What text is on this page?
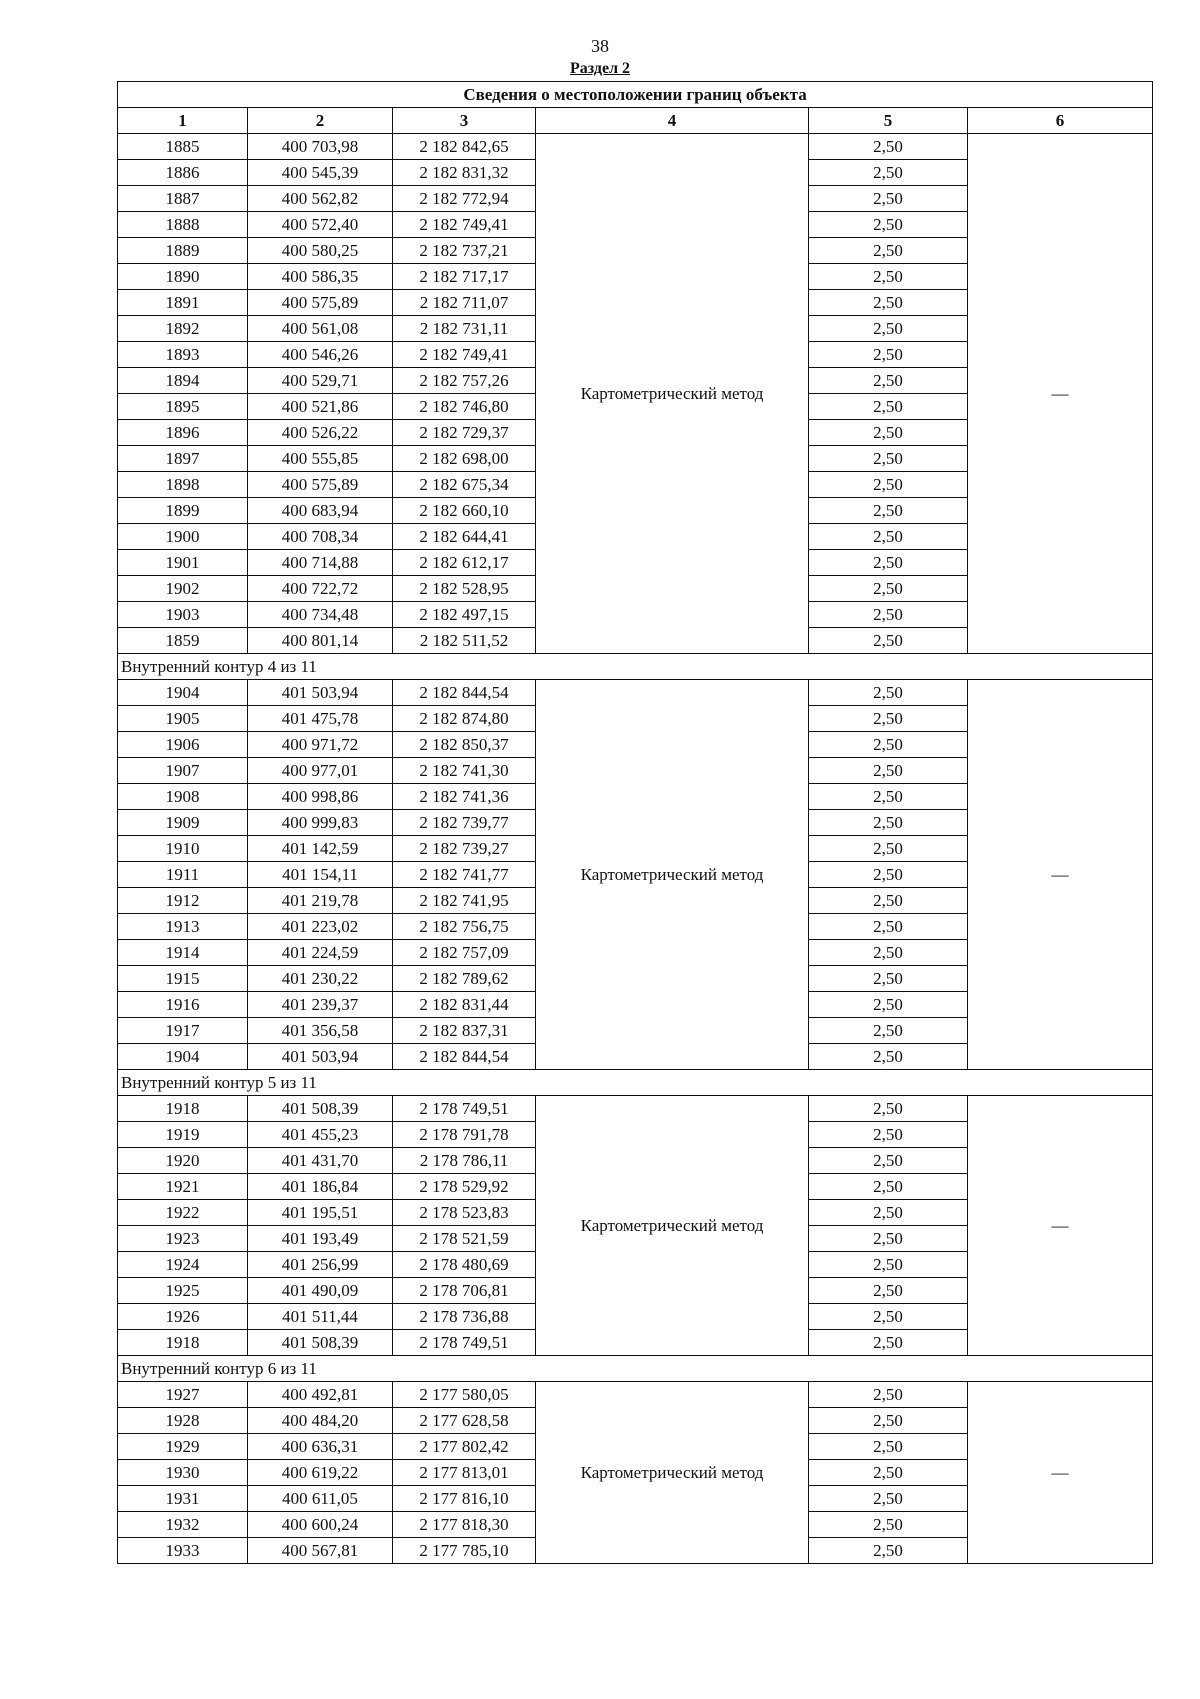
38
Раздел 2
Сведения о местоположении границ объекта					
1	2	3	4	5	6
1885	400 703,98	2 182 842,65	Картометрический метод	2,50	—
1886	400 545,39	2 182 831,32		2,50	
1887	400 562,82	2 182 772,94		2,50	
1888	400 572,40	2 182 749,41		2,50	
1889	400 580,25	2 182 737,21		2,50	
1890	400 586,35	2 182 717,17		2,50	
1891	400 575,89	2 182 711,07		2,50	
1892	400 561,08	2 182 731,11		2,50	
1893	400 546,26	2 182 749,41		2,50	
1894	400 529,71	2 182 757,26		2,50	
1895	400 521,86	2 182 746,80		2,50	
1896	400 526,22	2 182 729,37		2,50	
1897	400 555,85	2 182 698,00		2,50	
1898	400 575,89	2 182 675,34		2,50	
1899	400 683,94	2 182 660,10		2,50	
1900	400 708,34	2 182 644,41		2,50	
1901	400 714,88	2 182 612,17		2,50	
1902	400 722,72	2 182 528,95		2,50	
1903	400 734,48	2 182 497,15		2,50	
1859	400 801,14	2 182 511,52		2,50	
Внутренний контур 4 из 11					
1904	401 503,94	2 182 844,54	Картометрический метод	2,50	—
1905	401 475,78	2 182 874,80		2,50	
1906	400 971,72	2 182 850,37		2,50	
1907	400 977,01	2 182 741,30		2,50	
1908	400 998,86	2 182 741,36		2,50	
1909	400 999,83	2 182 739,77		2,50	
1910	401 142,59	2 182 739,27		2,50	
1911	401 154,11	2 182 741,77		2,50	
1912	401 219,78	2 182 741,95		2,50	
1913	401 223,02	2 182 756,75		2,50	
1914	401 224,59	2 182 757,09		2,50	
1915	401 230,22	2 182 789,62		2,50	
1916	401 239,37	2 182 831,44		2,50	
1917	401 356,58	2 182 837,31		2,50	
1904	401 503,94	2 182 844,54		2,50	
Внутренний контур 5 из 11					
1918	401 508,39	2 178 749,51	Картометрический метод	2,50	—
1919	401 455,23	2 178 791,78		2,50	
1920	401 431,70	2 178 786,11		2,50	
1921	401 186,84	2 178 529,92		2,50	
1922	401 195,51	2 178 523,83		2,50	
1923	401 193,49	2 178 521,59		2,50	
1924	401 256,99	2 178 480,69		2,50	
1925	401 490,09	2 178 706,81		2,50	
1926	401 511,44	2 178 736,88		2,50	
1918	401 508,39	2 178 749,51		2,50	
Внутренний контур 6 из 11					
1927	400 492,81	2 177 580,05	Картометрический метод	2,50	—
1928	400 484,20	2 177 628,58		2,50	
1929	400 636,31	2 177 802,42		2,50	
1930	400 619,22	2 177 813,01		2,50	
1931	400 611,05	2 177 816,10		2,50	
1932	400 600,24	2 177 818,30		2,50	
1933	400 567,81	2 177 785,10		2,50	
